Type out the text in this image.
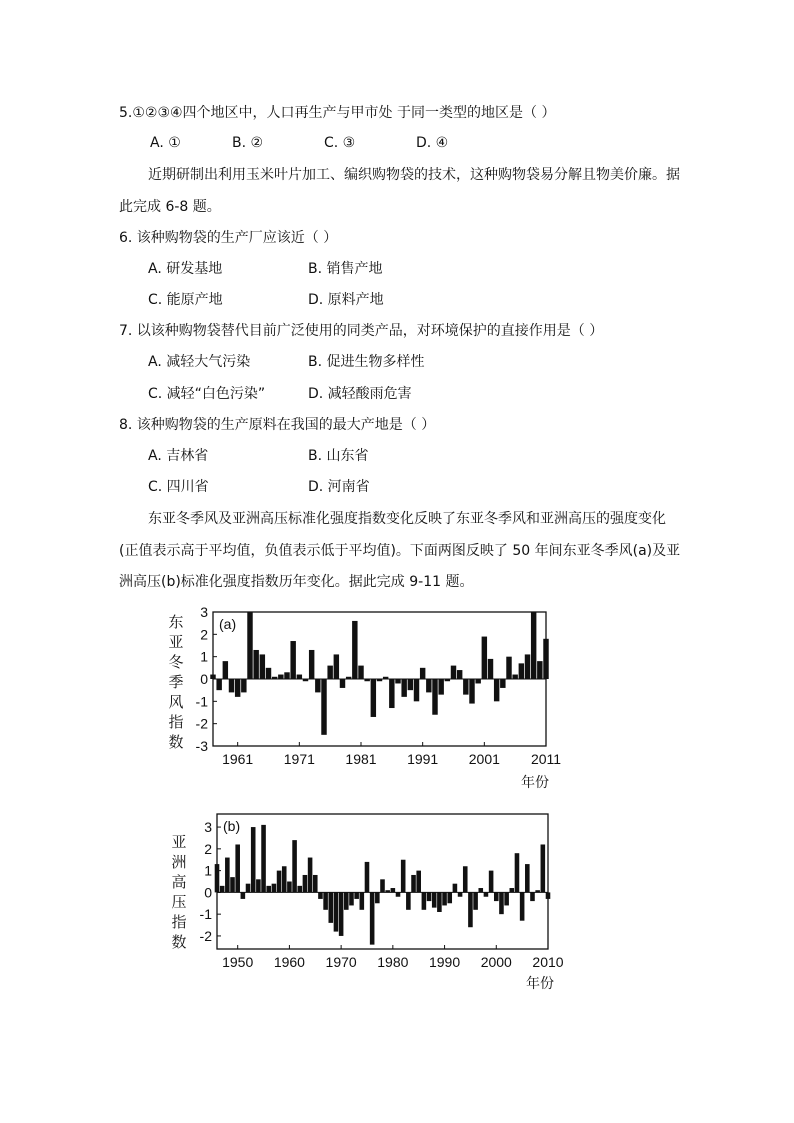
5.①②③④四个地区中，人口再生产与甲市处 于同一类型的地区是（ ）
A. ①	B. ②	C. ③	D. ④
近期研制出利用玉米叶片加工、编织购物袋的技术，这种购物袋易分解且物美价廉。据
此完成 6-8 题。
6. 该种购物袋的生产厂应该近（ ）
A. 研发基地	B. 销售产地
C. 能原产地	D. 原料产地
7. 以该种购物袋替代目前广泛使用的同类产品，对环境保护的直接作用是（ ）
A. 减轻大气污染	B. 促进生物多样性
C. 减轻“白色污染”	D. 减轻酸雨危害
8. 该种购物袋的生产原料在我国的最大产地是（ ）
A. 吉林省	B. 山东省
C. 四川省	D. 河南省
东亚冬季风及亚洲高压标准化强度指数变化反映了东亚冬季风和亚洲高压的强度变化
(正值表示高于平均值，负值表示低于平均值)。下面两图反映了 50 年间东亚冬季风(a)及亚
洲高压(b)标准化强度指数历年变化。据此完成 9-11 题。
东亚冬季风指数
3
2
1
0
-1
-2
-3
1961 1971 1981 1991 2001 2011
(a)
年份
亚洲高压指数
3
2
1
0
-1
-2
1950 1960 1970 1980 1990 2000 2010
(b)
年份
